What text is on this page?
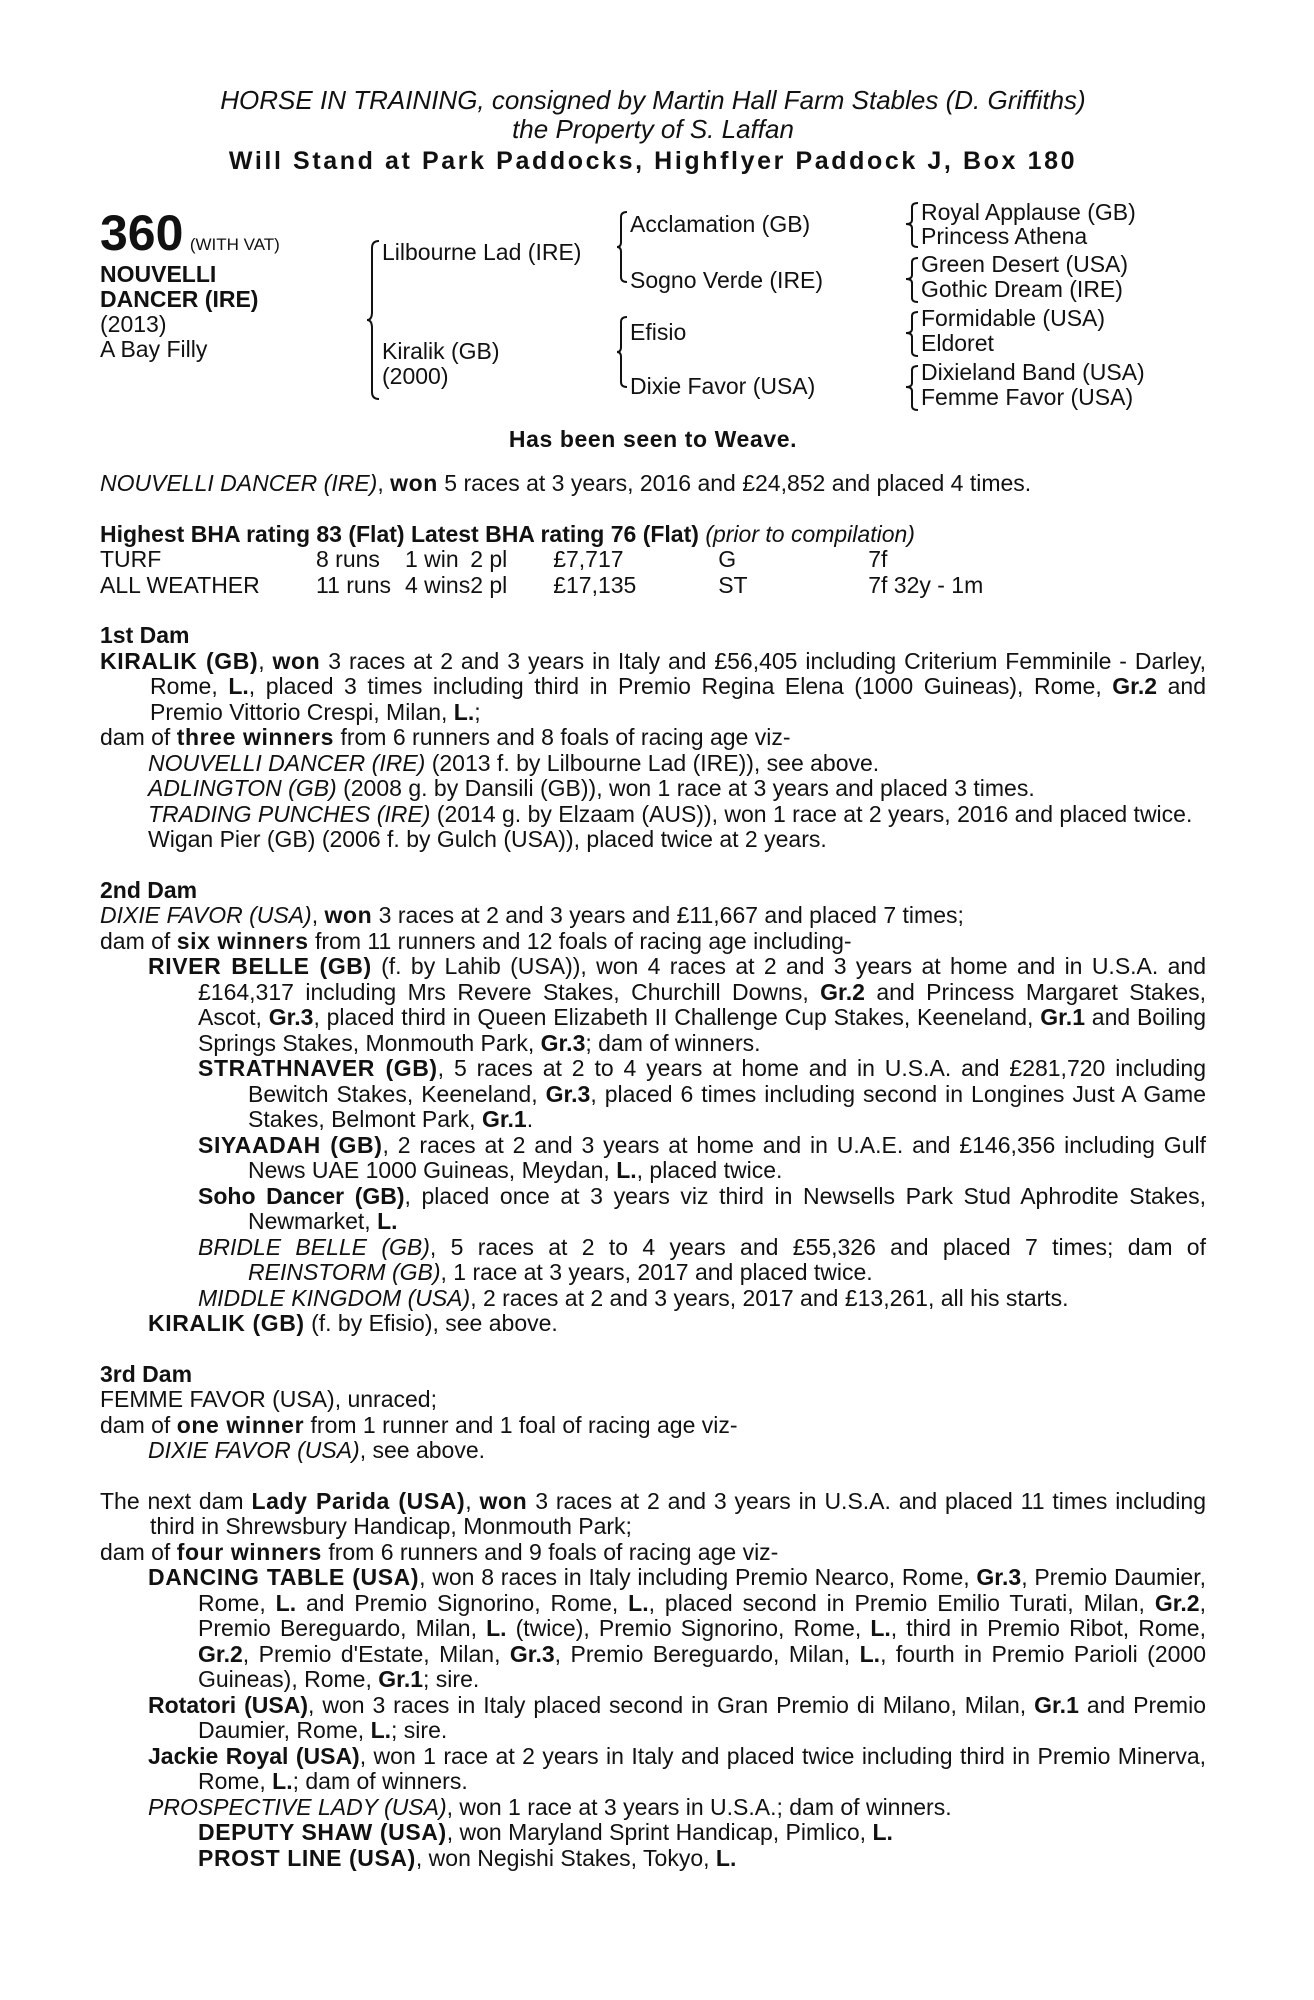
HORSE IN TRAINING, consigned by Martin Hall Farm Stables (D. Griffiths)
the Property of S. Laffan
Will Stand at Park Paddocks, Highflyer Paddock J, Box 180
360 (WITH VAT)
NOUVELLI
DANCER (IRE)
(2013)
A Bay Filly
Lilbourne Lad (IRE)
Kiralik (GB)
(2000)
Acclamation (GB)
Sogno Verde (IRE)
Efisio
Dixie Favor (USA)
Royal Applause (GB)
Princess Athena
Green Desert (USA)
Gothic Dream (IRE)
Formidable (USA)
Eldoret
Dixieland Band (USA)
Femme Favor (USA)
Has been seen to Weave.
NOUVELLI DANCER (IRE), won 5 races at 3 years, 2016 and £24,852 and placed 4 times.
Highest BHA rating 83 (Flat) Latest BHA rating 76 (Flat) (prior to compilation)
TURF	8 runs	1 win	2 pl	£7,717	G	7f
ALL WEATHER	11 runs	4 wins	2 pl	£17,135	ST	7f 32y - 1m
1st Dam
KIRALIK (GB), won 3 races at 2 and 3 years in Italy and £56,405 including Criterium Femminile - Darley, Rome, L., placed 3 times including third in Premio Regina Elena (1000 Guineas), Rome, Gr.2 and Premio Vittorio Crespi, Milan, L.;
dam of three winners from 6 runners and 8 foals of racing age viz-
NOUVELLI DANCER (IRE) (2013 f. by Lilbourne Lad (IRE)), see above.
ADLINGTON (GB) (2008 g. by Dansili (GB)), won 1 race at 3 years and placed 3 times.
TRADING PUNCHES (IRE) (2014 g. by Elzaam (AUS)), won 1 race at 2 years, 2016 and placed twice.
Wigan Pier (GB) (2006 f. by Gulch (USA)), placed twice at 2 years.
2nd Dam
DIXIE FAVOR (USA), won 3 races at 2 and 3 years and £11,667 and placed 7 times;
dam of six winners from 11 runners and 12 foals of racing age including-
RIVER BELLE (GB) (f. by Lahib (USA)), won 4 races at 2 and 3 years at home and in U.S.A. and £164,317 including Mrs Revere Stakes, Churchill Downs, Gr.2 and Princess Margaret Stakes, Ascot, Gr.3, placed third in Queen Elizabeth II Challenge Cup Stakes, Keeneland, Gr.1 and Boiling Springs Stakes, Monmouth Park, Gr.3; dam of winners.
STRATHNAVER (GB), 5 races at 2 to 4 years at home and in U.S.A. and £281,720 including Bewitch Stakes, Keeneland, Gr.3, placed 6 times including second in Longines Just A Game Stakes, Belmont Park, Gr.1.
SIYAADAH (GB), 2 races at 2 and 3 years at home and in U.A.E. and £146,356 including Gulf News UAE 1000 Guineas, Meydan, L., placed twice.
Soho Dancer (GB), placed once at 3 years viz third in Newsells Park Stud Aphrodite Stakes, Newmarket, L.
BRIDLE BELLE (GB), 5 races at 2 to 4 years and £55,326 and placed 7 times; dam of REINSTORM (GB), 1 race at 3 years, 2017 and placed twice.
MIDDLE KINGDOM (USA), 2 races at 2 and 3 years, 2017 and £13,261, all his starts.
KIRALIK (GB) (f. by Efisio), see above.
3rd Dam
FEMME FAVOR (USA), unraced;
dam of one winner from 1 runner and 1 foal of racing age viz-
DIXIE FAVOR (USA), see above.
The next dam Lady Parida (USA), won 3 races at 2 and 3 years in U.S.A. and placed 11 times including third in Shrewsbury Handicap, Monmouth Park;
dam of four winners from 6 runners and 9 foals of racing age viz-
DANCING TABLE (USA), won 8 races in Italy including Premio Nearco, Rome, Gr.3, Premio Daumier, Rome, L. and Premio Signorino, Rome, L., placed second in Premio Emilio Turati, Milan, Gr.2, Premio Bereguardo, Milan, L. (twice), Premio Signorino, Rome, L., third in Premio Ribot, Rome, Gr.2, Premio d'Estate, Milan, Gr.3, Premio Bereguardo, Milan, L., fourth in Premio Parioli (2000 Guineas), Rome, Gr.1; sire.
Rotatori (USA), won 3 races in Italy placed second in Gran Premio di Milano, Milan, Gr.1 and Premio Daumier, Rome, L.; sire.
Jackie Royal (USA), won 1 race at 2 years in Italy and placed twice including third in Premio Minerva, Rome, L.; dam of winners.
PROSPECTIVE LADY (USA), won 1 race at 3 years in U.S.A.; dam of winners.
DEPUTY SHAW (USA), won Maryland Sprint Handicap, Pimlico, L.
PROST LINE (USA), won Negishi Stakes, Tokyo, L.
